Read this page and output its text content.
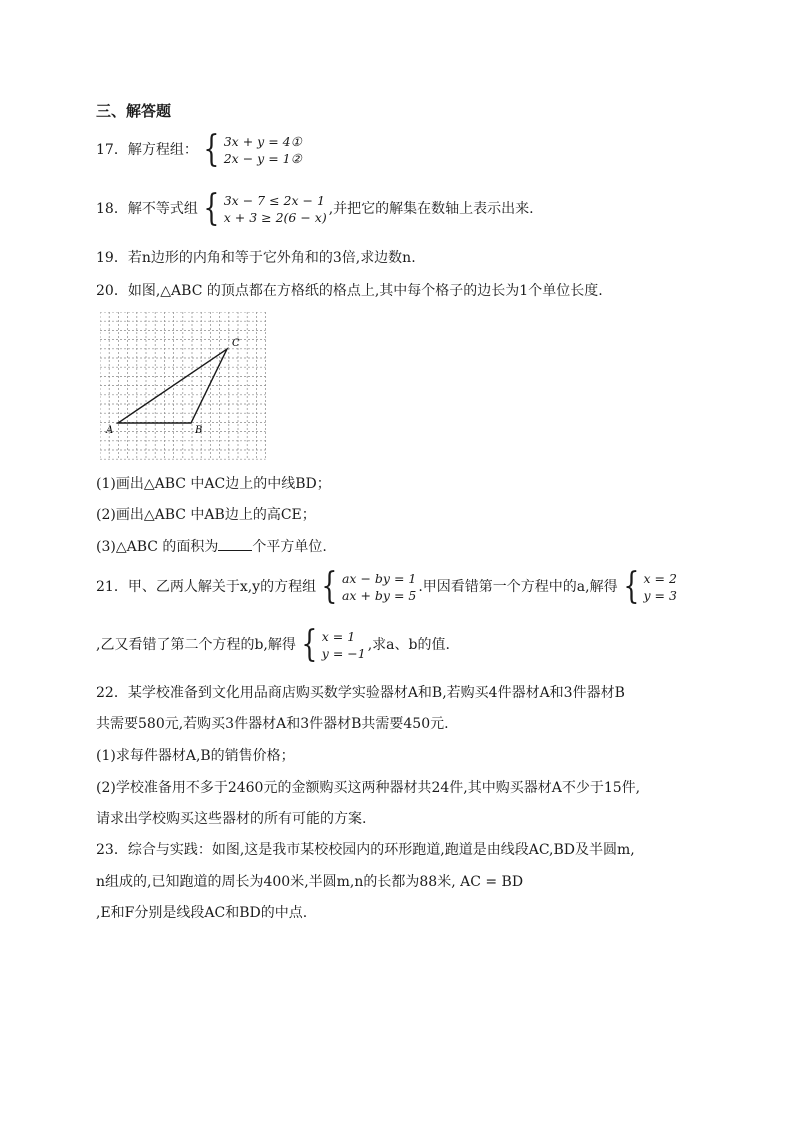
三、解答题
17．解方程组： { 3x + y = 4①
2x − y = 1②
18．解不等式组 { 3x − 7 ≤ 2x − 1
x + 3 ≥ 2(6 − x)
,并把它的解集在数轴上表示出来.
19．若n边形的内角和等于它外角和的3倍,求边数n.
20．如图,△ABC 的顶点都在方格纸的格点上,其中每个格子的边长为1个单位长度.
A	B
C
(1)画出△ABC 中AC边上的中线BD；
(2)画出△ABC 中AB边上的高CE；
(3)△ABC 的面积为 个平方单位.
21．甲、乙两人解关于x,y的方程组 { ax − by = 1
ax + by = 5
.甲因看错第一个方程中的a,解得 { x = 2
y = 3
,乙又看错了第二个方程的b,解得 { x = 1
y = −1
,求a、b的值.
22．某学校准备到文化用品商店购买数学实验器材A和B,若购买4件器材A和3件器材B
共需要580元,若购买3件器材A和3件器材B共需要450元.
(1)求每件器材A,B的销售价格；
(2)学校准备用不多于2460元的金额购买这两种器材共24件,其中购买器材A不少于15件,
请求出学校购买这些器材的所有可能的方案.
23．综合与实践：如图,这是我市某校校园内的环形跑道,跑道是由线段AC,BD及半圆m,
n组成的,已知跑道的周长为400米,半圆m,n的长都为88米, AC = BD
,E和F分别是线段AC和BD的中点.
